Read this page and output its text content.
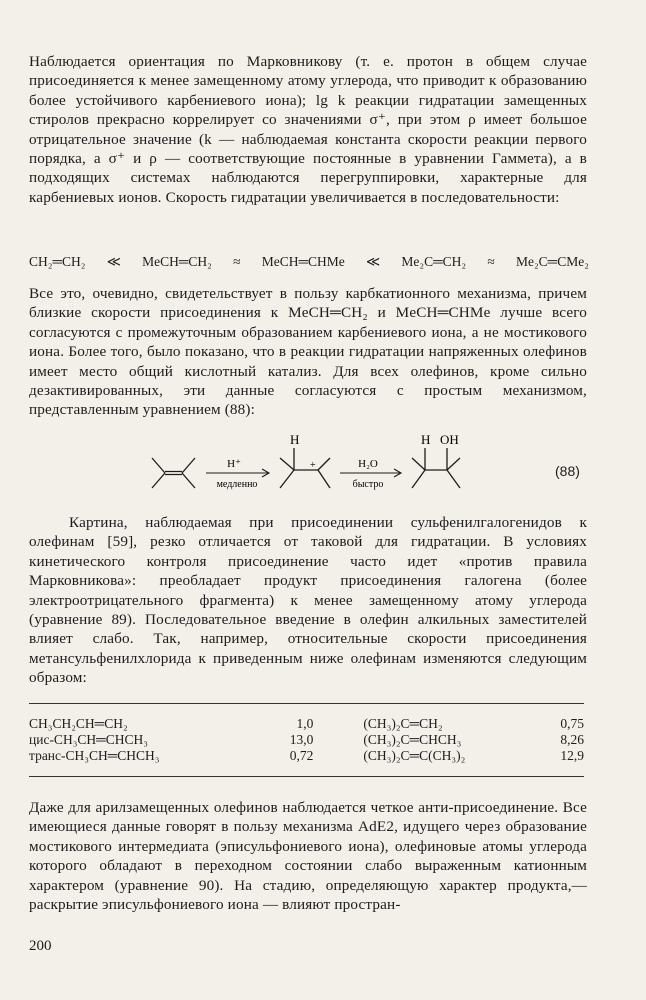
Наблюдается ориентация по Марковникову (т. е. протон в общем случае присоединяется к менее замещенному атому углерода, что приводит к образованию более устойчивого карбениевого иона); lg k реакции гидратации замещенных стиролов прекрасно коррелирует со значениями σ⁺, при этом ρ имеет большое отрицательное значение (k — наблюдаемая константа скорости реакции первого порядка, а σ⁺ и ρ — соответствующие постоянные в уравнении Гаммета), а в подходящих системах наблюдаются перегруппировки, характерные для карбениевых ионов. Скорость гидратации увеличивается в последовательности:

CH₂═CH₂ ≪ MeCH═CH₂ ≈ MeCH═CHMe ≪ Me₂C═CH₂ ≈ Me₂C═CMe₂

Все это, очевидно, свидетельствует в пользу карбкатионного механизма, причем близкие скорости присоединения к MeCH═CH₂ и MeCH═CHMe лучше всего согласуются с промежуточным образованием карбениевого иона, а не мостикового иона. Более того, было показано, что в реакции гидратации напряженных олефинов имеет место общий кислотный катализ. Для всех олефинов, кроме сильно дезактивированных, эти данные согласуются с простым механизмом, представленным уравнением (88):

H⁺
медленно
H
+	H₂O
быстро
H OH
(88)

Картина, наблюдаемая при присоединении сульфенилгалогенидов к олефинам [59], резко отличается от таковой для гидратации. В условиях кинетического контроля присоединение часто идет «против правила Марковникова»: преобладает продукт присоединения галогена (более электроотрицательного фрагмента) к менее замещенному атому углерода (уравнение 89). Последовательное введение в олефин алкильных заместителей влияет слабо. Так, например, относительные скорости присоединения метансульфенилхлорида к приведенным ниже олефинам изменяются следующим образом:

CH₃CH₂CH═CH₂	1,0	(CH₃)₂C═CH₂	0,75
цис-CH₃CH═CHCH₃	13,0	(CH₃)₂C═CHCH₃	8,26
транс-CH₃CH═CHCH₃	0,72	(CH₃)₂C═C(CH₃)₂	12,9

Даже для арилзамещенных олефинов наблюдается четкое анти-присоединение. Все имеющиеся данные говорят в пользу механизма AdE2, идущего через образование мостикового интермедиата (эписульфониевого иона), олефиновые атомы углерода которого обладают в переходном состоянии слабо выраженным катионным характером (уравнение 90). На стадию, определяющую характер продукта,— раскрытие эписульфониевого иона — влияют простран-

200
